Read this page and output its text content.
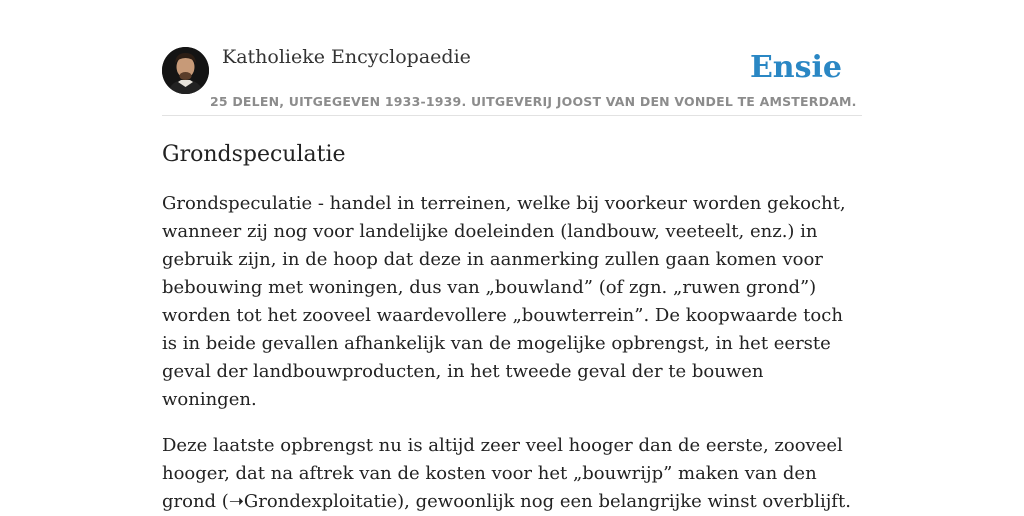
Katholieke Encyclopaedie
25 DELEN, UITGEGEVEN 1933-1939. UITGEVERIJ JOOST VAN DEN VONDEL TE AMSTERDAM.
Ensie
Grondspeculatie

Grondspeculatie - handel in terreinen, welke bij voorkeur worden gekocht, wanneer zij nog voor landelijke doeleinden (landbouw, veeteelt, enz.) in gebruik zijn, in de hoop dat deze in aanmerking zullen gaan komen voor bebouwing met woningen, dus van „bouwland” (of zgn. „ruwen grond”) worden tot het zooveel waardevollere „bouwterrein”. De koopwaarde toch is in beide gevallen afhankelijk van de mogelijke opbrengst, in het eerste geval der landbouwproducten, in het tweede geval der te bouwen woningen.

Deze laatste opbrengst nu is altijd zeer veel hooger dan de eerste, zooveel hooger, dat na aftrek van de kosten voor het „bouwrijp” maken van den grond (➝Grondexploitatie), gewoonlijk nog een belangrijke winst overblijft.
